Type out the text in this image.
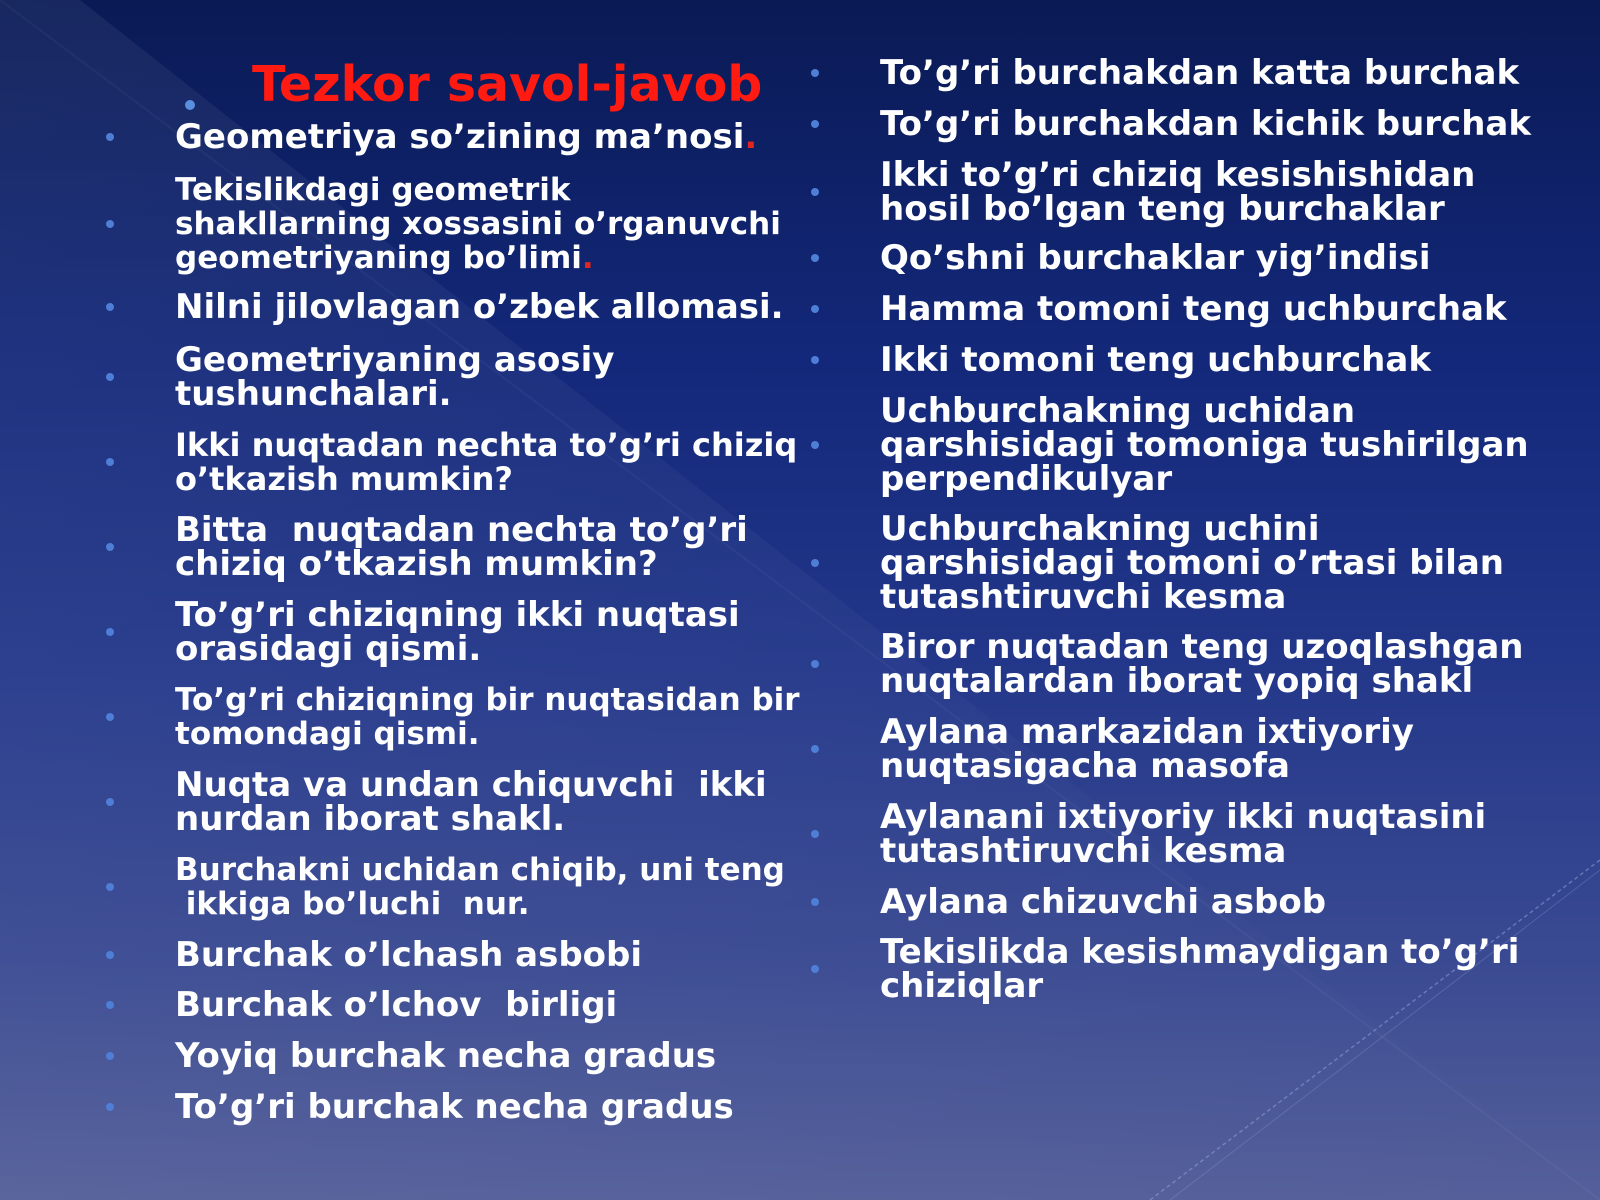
Tezkor savol-javob
Geometriya so’zining ma’nosi.
Tekislikdagi geometrik
shakllarning xossasini o’rganuvchi
geometriyaning bo’limi.
Nilni jilovlagan o’zbek allomasi.
Geometriyaning asosiy
tushunchalari.
Ikki nuqtadan nechta to’g’ri chiziq
o’tkazish mumkin?
Bitta  nuqtadan nechta to’g’ri
chiziq o’tkazish mumkin?
To’g’ri chiziqning ikki nuqtasi
orasidagi qismi.
To’g’ri chiziqning bir nuqtasidan bir
tomondagi qismi.
Nuqta va undan chiquvchi  ikki
nurdan iborat shakl.
Burchakni uchidan chiqib, uni teng
ikkiga bo’luchi  nur.
Burchak o’lchash asbobi
Burchak o’lchov  birligi
Yoyiq burchak necha gradus
To’g’ri burchak necha gradus
To’g’ri burchakdan katta burchak
To’g’ri burchakdan kichik burchak
Ikki to’g’ri chiziq kesishishidan
hosil bo’lgan teng burchaklar
Qo’shni burchaklar yig’indisi
Hamma tomoni teng uchburchak
Ikki tomoni teng uchburchak
Uchburchakning uchidan
qarshisidagi tomoniga tushirilgan
perpendikulyar
Uchburchakning uchini
qarshisidagi tomoni o’rtasi bilan
tutashtiruvchi kesma
Biror nuqtadan teng uzoqlashgan
nuqtalardan iborat yopiq shakl
Aylana markazidan ixtiyoriy
nuqtasigacha masofa
Aylanani ixtiyoriy ikki nuqtasini
tutashtiruvchi kesma
Aylana chizuvchi asbob
Tekislikda kesishmaydigan to’g’ri
chiziqlar
